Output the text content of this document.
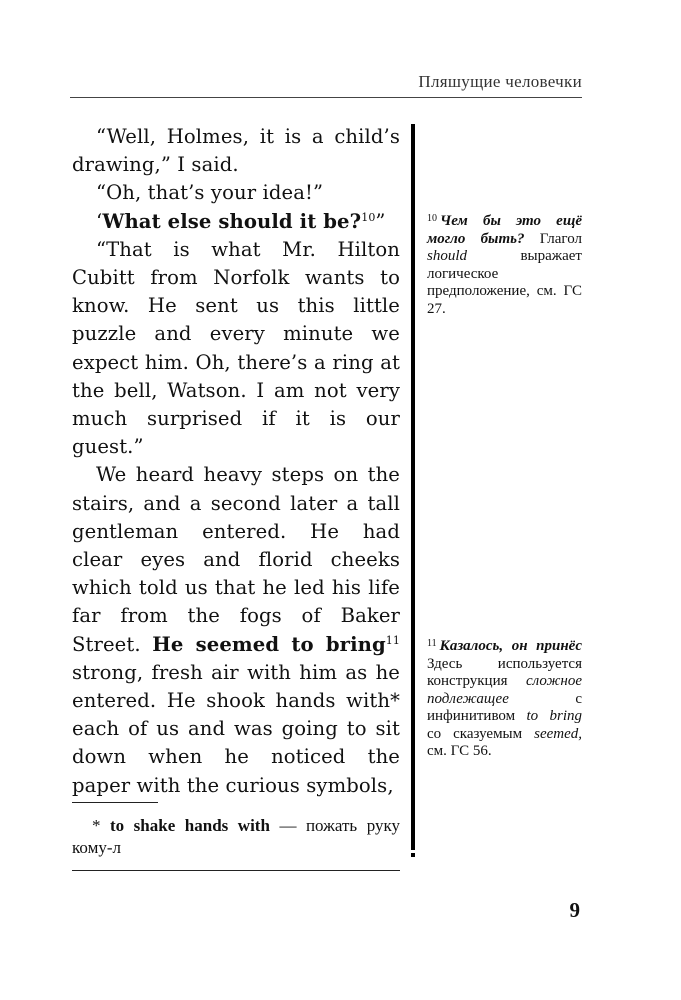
Пляшущие человечки

“Well, Holmes, it is a child’s drawing,” I said.

“Oh, that’s your idea!”

‘What else should it be?$^{10}$”

“That is what Mr. Hilton Cubitt from Norfolk wants to know. He sent us this little puzzle and every minute we expect him. Oh, there’s a ring at the bell, Watson. I am not very much surprised if it is our guest.”

We heard heavy steps on the stairs, and a second later a tall gentleman entered. He had clear eyes and florid cheeks which told us that he led his life far from the fogs of Baker Street. He seemed to bring$^{11}$ strong, fresh air with him as he entered. He shook hands with* each of us and was going to sit down when he noticed the paper with the curious symbols,

* to shake hands with — пожать руку кому-л
$^{10}$ Чем бы это ещё могло быть? Глагол should	выражает логическое предположение, см. ГС 27.
$^{11}$ Казалось, он принёс Здесь используется конструкция сложное подлежащее	с инфинитивом to bring со сказуемым seemed, см. ГС 56.
9
